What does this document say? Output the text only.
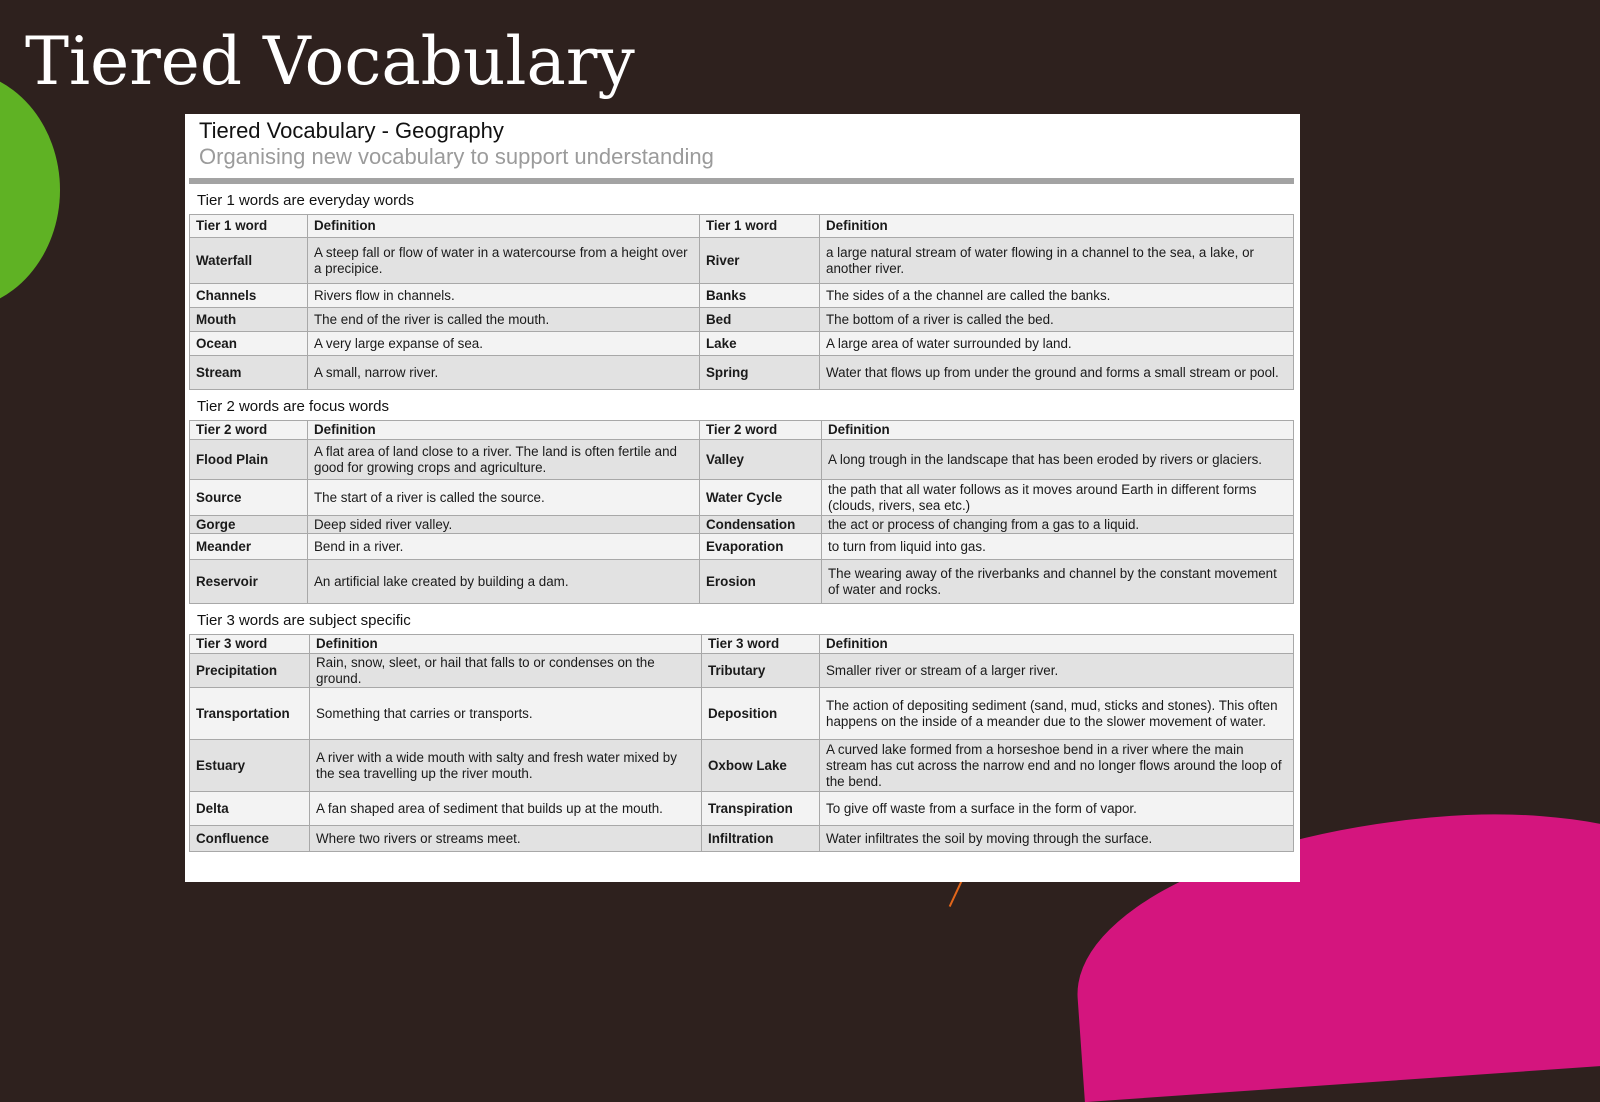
Tiered Vocabulary
Tiered Vocabulary - Geography
Organising new vocabulary to support understanding
Tier 1 words are everyday words
Tier 1 word	Definition	Tier 1 word	Definition
Waterfall	A steep fall or flow of water in a watercourse from a height over a precipice.	River	a large natural stream of water flowing in a channel to the sea, a lake, or another river.
Channels	Rivers flow in channels.	Banks	The sides of a the channel are called the banks.
Mouth	The end of the river is called the mouth.	Bed	The bottom of a river is called the bed.
Ocean	A very large expanse of sea.	Lake	A large area of water surrounded by land.
Stream	A small, narrow river.	Spring	Water that flows up from under the ground and forms a small stream or pool.
Tier 2 words are focus words
Tier 2 word	Definition	Tier 2 word	Definition
Flood Plain	A flat area of land close to a river. The land is often fertile and good for growing crops and agriculture.	Valley	A long trough in the landscape that has been eroded by rivers or glaciers.
Source	The start of a river is called the source.	Water Cycle	the path that all water follows as it moves around Earth in different forms (clouds, rivers, sea etc.)
Gorge	Deep sided river valley.	Condensation	the act or process of changing from a gas to a liquid.
Meander	Bend in a river.	Evaporation	to turn from liquid into gas.
Reservoir	An artificial lake created by building a dam.	Erosion	The wearing away of the riverbanks and channel by the constant movement of water and rocks.
Tier 3 words are subject specific
Tier 3 word	Definition	Tier 3 word	Definition
Precipitation	Rain, snow, sleet, or hail that falls to or condenses on the ground.	Tributary	Smaller river or stream of a larger river.
Transportation	Something that carries or transports.	Deposition	The action of depositing sediment (sand, mud, sticks and stones). This often happens on the inside of a meander due to the slower movement of water.
Estuary	A river with a wide mouth with salty and fresh water mixed by the sea travelling up the river mouth.	Oxbow Lake	A curved lake formed from a horseshoe bend in a river where the main stream has cut across the narrow end and no longer flows around the loop of the bend.
Delta	A fan shaped area of sediment that builds up at the mouth.	Transpiration	To give off waste from a surface in the form of vapor.
Confluence	Where two rivers or streams meet.	Infiltration	Water infiltrates the soil by moving through the surface.
